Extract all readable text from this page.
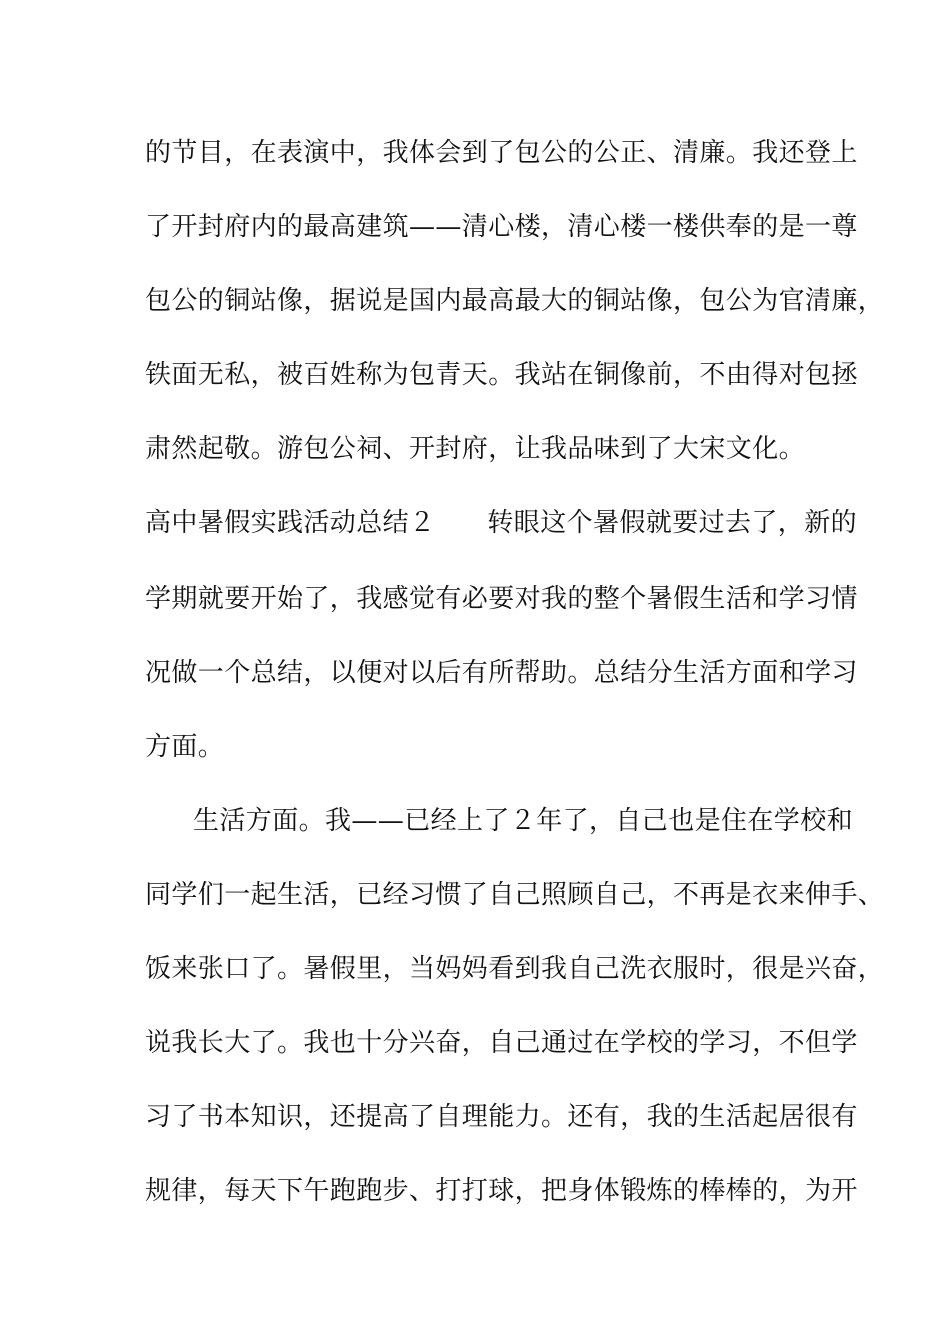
的节目，在表演中，我体会到了包公的公正、清廉。我还登上
了开封府内的最高建筑——清心楼，清心楼一楼供奉的是一尊
包公的铜站像，据说是国内最高最大的铜站像，包公为官清廉，
铁面无私，被百姓称为包青天。我站在铜像前，不由得对包拯
肃然起敬。游包公祠、开封府，让我品味到了大宋文化。
高中暑假实践活动总结２ 转眼这个暑假就要过去了，新的
学期就要开始了，我感觉有必要对我的整个暑假生活和学习情
况做一个总结，以便对以后有所帮助。总结分生活方面和学习
方面。
生活方面。我——已经上了２年了，自己也是住在学校和
同学们一起生活，已经习惯了自己照顾自己，不再是衣来伸手、
饭来张口了。暑假里，当妈妈看到我自己洗衣服时，很是兴奋，
说我长大了。我也十分兴奋，自己通过在学校的学习，不但学
习了书本知识，还提高了自理能力。还有，我的生活起居很有
规律，每天下午跑跑步、打打球，把身体锻炼的棒棒的，为开
